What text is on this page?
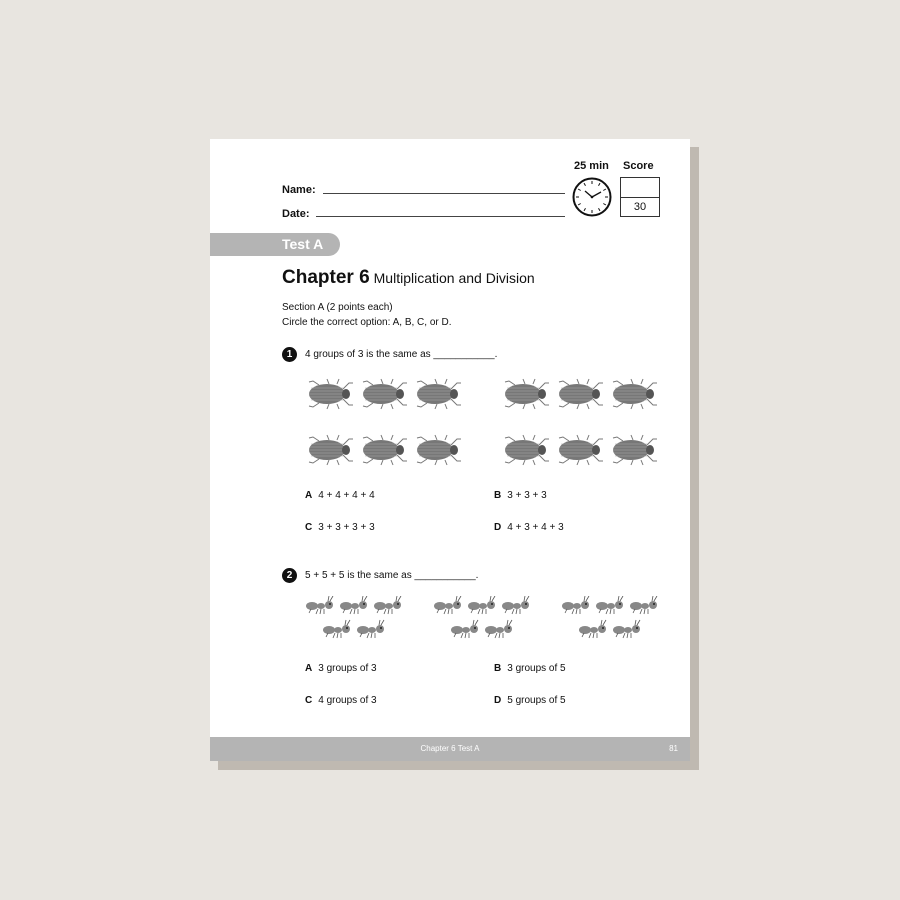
Name:
Date:
25 min Score
30
Test A
Chapter 6 Multiplication and Division
Section A (2 points each)
Circle the correct option: A, B, C, or D.
1	4 groups of 3 is the same as ___________.
A 4 + 4 + 4 + 4	B 3 + 3 + 3
C 3 + 3 + 3 + 3	D 4 + 3 + 4 + 3
2	5 + 5 + 5 is the same as ___________.
A 3 groups of 3	B 3 groups of 5
C 4 groups of 3	D 5 groups of 5
Chapter 6 Test A	81
